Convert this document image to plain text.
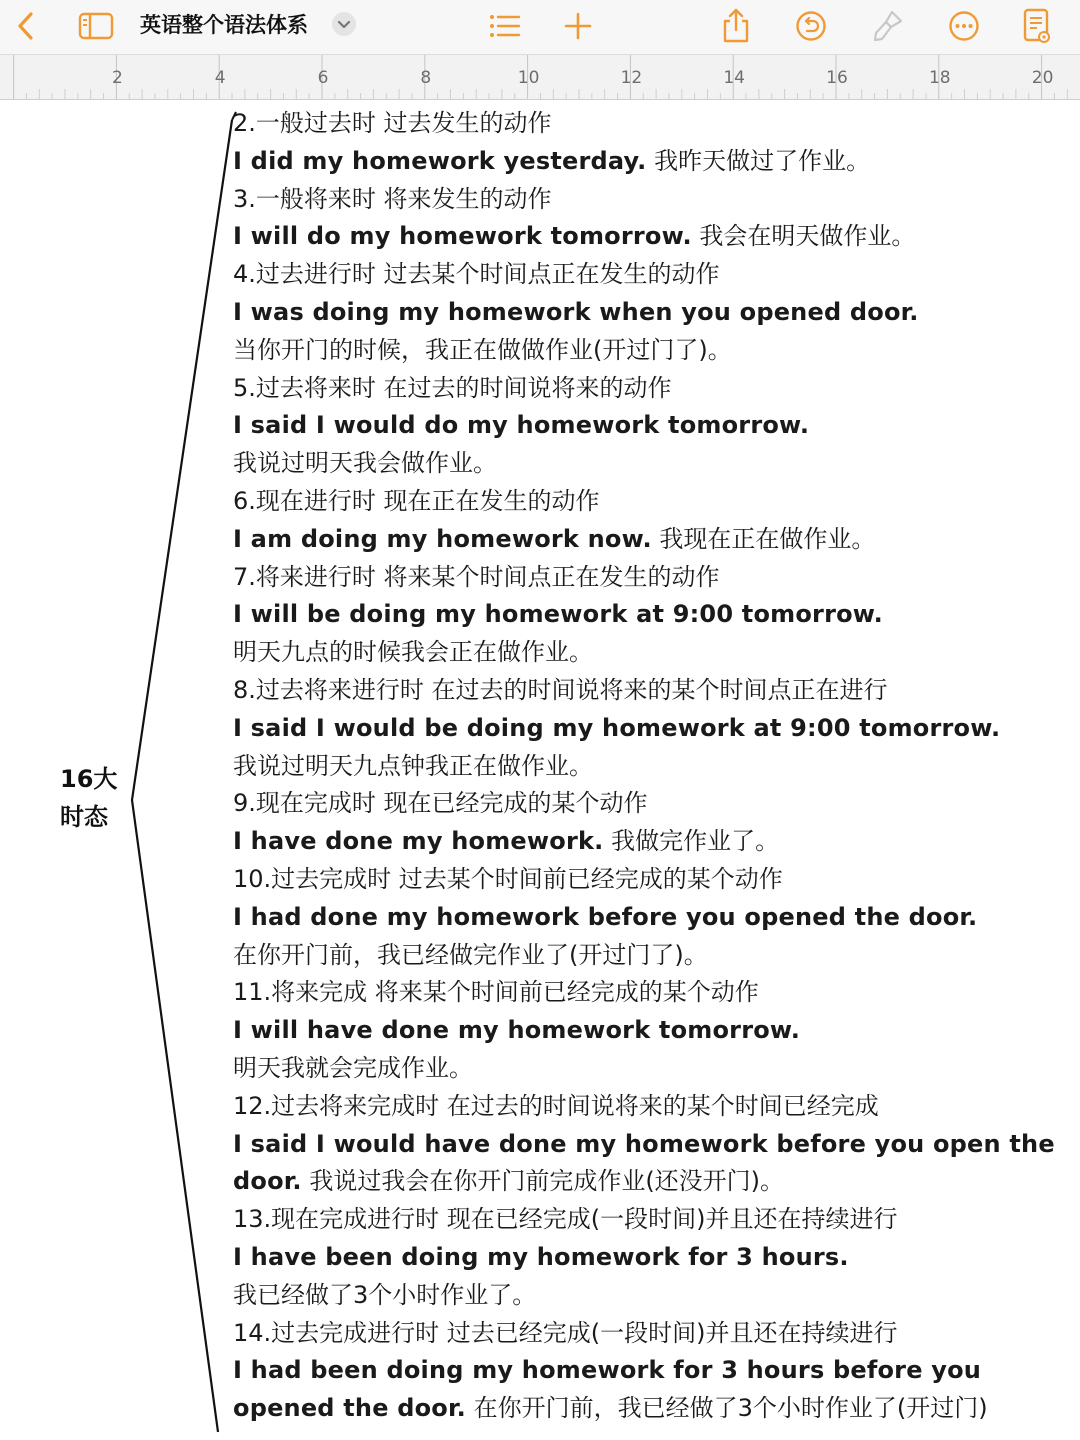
英语整个语法体系
2	4	6	8	10	12	14	16	18	20
16大
时态
2.一般过去时 过去发生的动作
I did my homework yesterday. 我昨天做过了作业。
3.一般将来时 将来发生的动作
I will do my homework tomorrow. 我会在明天做作业。
4.过去进行时 过去某个时间点正在发生的动作
I was doing my homework when you opened door.
当你开门的时候，我正在做做作业(开过门了)。
5.过去将来时 在过去的时间说将来的动作
I said I would do my homework tomorrow.
我说过明天我会做作业。
6.现在进行时 现在正在发生的动作
I am doing my homework now. 我现在正在做作业。
7.将来进行时 将来某个时间点正在发生的动作
I will be doing my homework at 9:00 tomorrow.
明天九点的时候我会正在做作业。
8.过去将来进行时 在过去的时间说将来的某个时间点正在进行
I said I would be doing my homework at 9:00 tomorrow.
我说过明天九点钟我正在做作业。
9.现在完成时 现在已经完成的某个动作
I have done my homework. 我做完作业了。
10.过去完成时 过去某个时间前已经完成的某个动作
I had done my homework before you opened the door.
在你开门前，我已经做完作业了(开过门了)。
11.将来完成 将来某个时间前已经完成的某个动作
I will have done my homework tomorrow.
明天我就会完成作业。
12.过去将来完成时 在过去的时间说将来的某个时间已经完成
I said I would have done my homework before you open the
door. 我说过我会在你开门前完成作业(还没开门)。
13.现在完成进行时 现在已经完成(一段时间)并且还在持续进行
I have been doing my homework for 3 hours.
我已经做了3个小时作业了。
14.过去完成进行时 过去已经完成(一段时间)并且还在持续进行
I had been doing my homework for 3 hours before you
opened the door. 在你开门前，我已经做了3个小时作业了(开过门)
